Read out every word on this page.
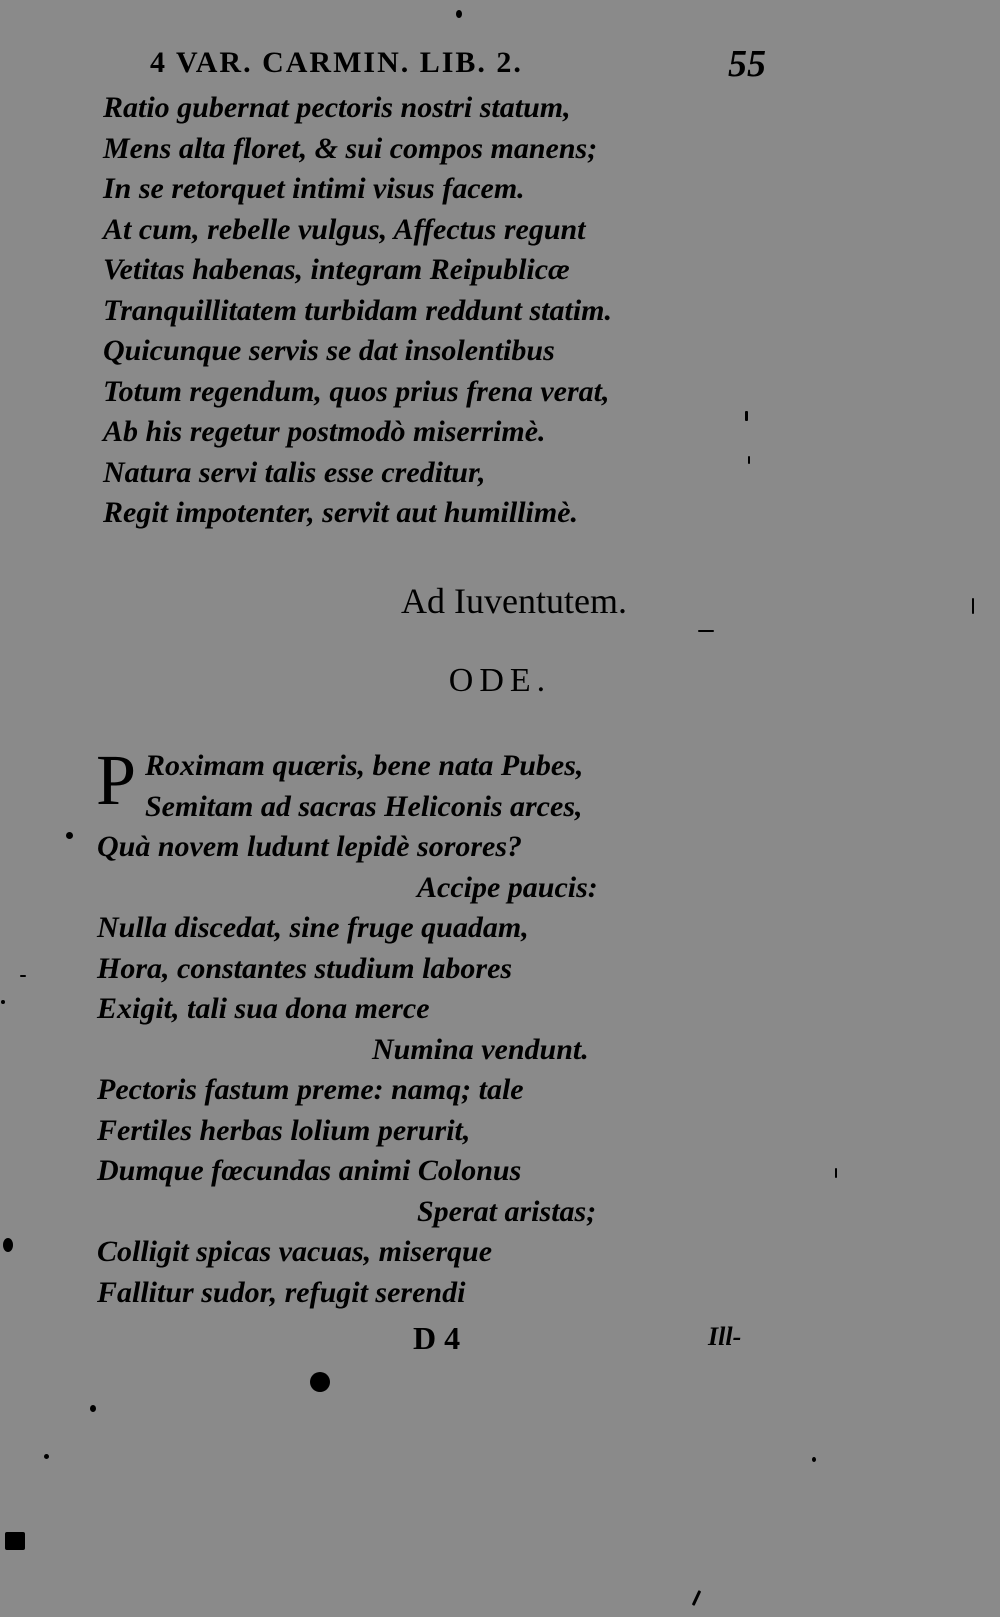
4 VAR. CARMIN. LIB. 2.	55
Ratio gubernat pectoris nostri statum,
Mens alta floret, & sui compos manens;
In se retorquet intimi visus facem.
At cum, rebelle vulgus, Affectus regunt
Vetitas habenas, integram Reipublicæ
Tranquillitatem turbidam reddunt statim.
Quicunque servis se dat insolentibus
Totum regendum, quos prius frena verat,
Ab his regetur postmodò miserrimè.
Natura servi talis esse creditur,
Regit impotenter, servit aut humillimè.
Ad Iuventutem.
ODE.
P Roximam quæris, bene nata Pubes,
Semitam ad sacras Heliconis arces,
Quà novem ludunt lepidè sorores?
Accipe paucis:
Nulla discedat, sine fruge quadam,
Hora, constantes studium labores
Exigit, tali sua dona merce
Numina vendunt.
Pectoris fastum preme: namq; tale
Fertiles herbas lolium perurit,
Dumque fœcundas animi Colonus
Sperat aristas;
Colligit spicas vacuas, miserque
Fallitur sudor, refugit serendi
D 4	Ill-
